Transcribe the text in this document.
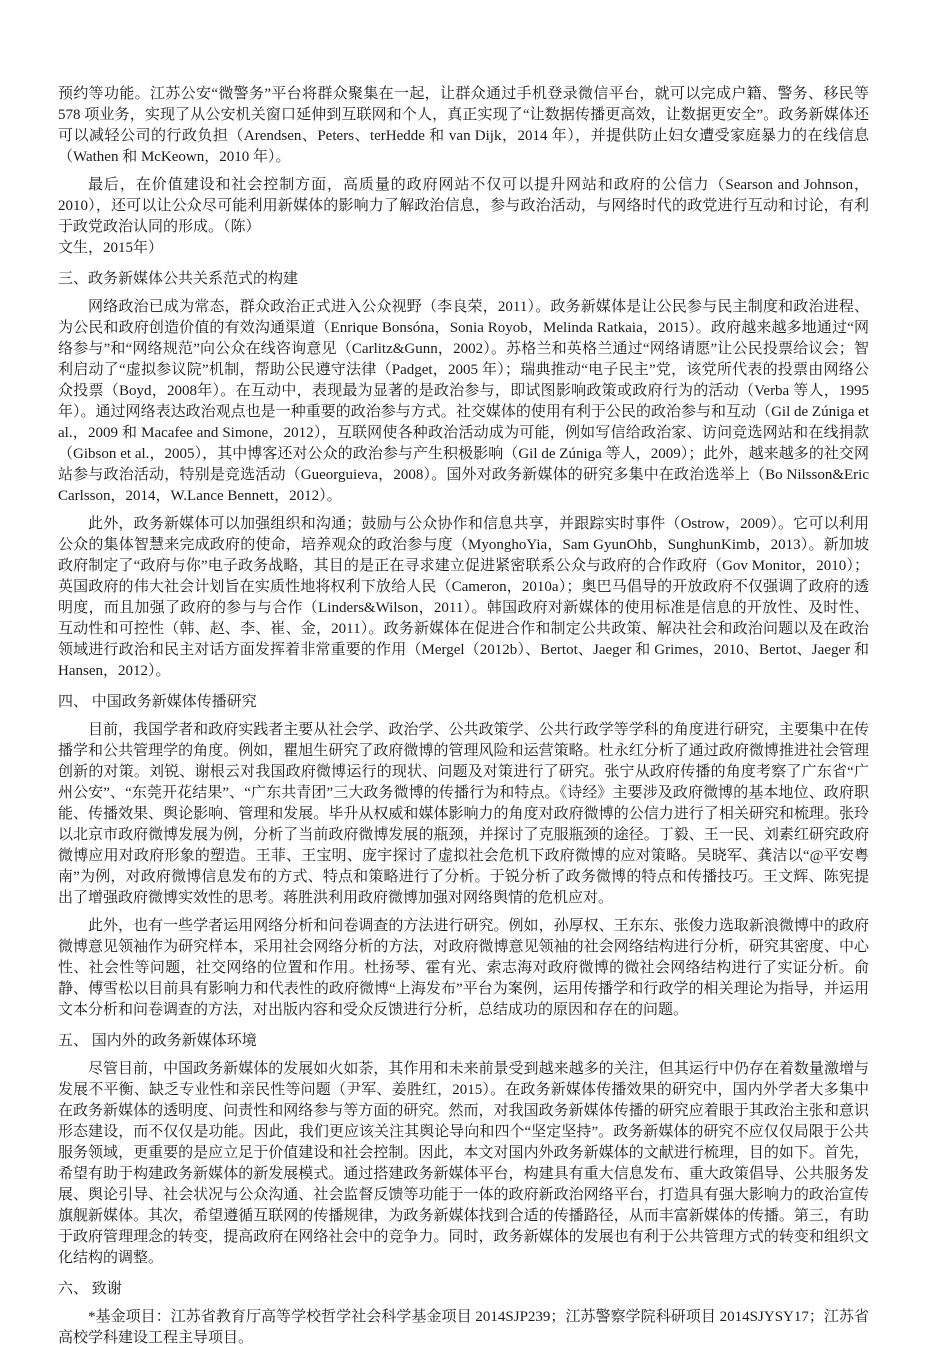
预约等功能。江苏公安“微警务”平台将群众聚集在一起，让群众通过手机登录微信平台，就可以完成户籍、警务、移民等 578 项业务，实现了从公安机关窗口延伸到互联网和个人，真正实现了“让数据传播更高效，让数据更安全”。政务新媒体还可以减轻公司的行政负担（Arendsen、Peters、terHedde 和 van Dijk，2014 年），并提供防止妇女遭受家庭暴力的在线信息（Wathen 和 McKeown，2010 年）。

最后，在价值建设和社会控制方面，高质量的政府网站不仅可以提升网站和政府的公信力（Searson and Johnson，2010），还可以让公众尽可能利用新媒体的影响力了解政治信息，参与政治活动，与网络时代的政党进行互动和讨论，有利于政党政治认同的形成。（陈）

文生，2015年）

三、政务新媒体公共关系范式的构建

网络政治已成为常态，群众政治正式进入公众视野（李良荣，2011）。政务新媒体是让公民参与民主制度和政治进程、为公民和政府创造价值的有效沟通渠道（Enrique Bonsóna，Sonia Royob，Melinda Ratkaia，2015）。政府越来越多地通过“网络参与”和“网络规范”向公众在线咨询意见（Carlitz&Gunn，2002）。苏格兰和英格兰通过“网络请愿”让公民投票给议会；智利启动了“虚拟参议院”机制，帮助公民遵守法律（Padget，2005 年）；瑞典推动“电子民主”党，该党所代表的投票由网络公众投票（Boyd，2008年）。在互动中，表现最为显著的是政治参与，即试图影响政策或政府行为的活动（Verba 等人，1995 年）。通过网络表达政治观点也是一种重要的政治参与方式。社交媒体的使用有利于公民的政治参与和互动（Gil de Zúniga et al.，2009 和 Macafee and Simone，2012），互联网使各种政治活动成为可能，例如写信给政治家、访问竞选网站和在线捐款（Gibson et al.，2005），其中博客还对公众的政治参与产生积极影响（Gil de Zúniga 等人，2009）；此外，越来越多的社交网站参与政治活动，特别是竞选活动（Gueorguieva，2008）。国外对政务新媒体的研究多集中在政治选举上（Bo Nilsson&Eric Carlsson，2014，W.Lance Bennett，2012）。

此外，政务新媒体可以加强组织和沟通；鼓励与公众协作和信息共享，并跟踪实时事件（Ostrow，2009）。它可以利用公众的集体智慧来完成政府的使命，培养观众的政治参与度（MyonghoYia，Sam GyunOhb，SunghunKimb，2013）。新加坡政府制定了“政府与你”电子政务战略，其目的是正在寻求建立促进紧密联系公众与政府的合作政府（Gov Monitor，2010）；英国政府的伟大社会计划旨在实质性地将权利下放给人民（Cameron，2010a）；奥巴马倡导的开放政府不仅强调了政府的透明度，而且加强了政府的参与与合作（Linders&Wilson，2011）。韩国政府对新媒体的使用标准是信息的开放性、及时性、互动性和可控性（韩、赵、李、崔、金，2011）。政务新媒体在促进合作和制定公共政策、解决社会和政治问题以及在政治领域进行政治和民主对话方面发挥着非常重要的作用（Mergel（2012b）、Bertot、Jaeger 和 Grimes，2010、Bertot、Jaeger 和 Hansen，2012）。

四、 中国政务新媒体传播研究

目前，我国学者和政府实践者主要从社会学、政治学、公共政策学、公共行政学等学科的角度进行研究，主要集中在传播学和公共管理学的角度。例如，瞿旭生研究了政府微博的管理风险和运营策略。杜永红分析了通过政府微博推进社会管理创新的对策。刘锐、谢根云对我国政府微博运行的现状、问题及对策进行了研究。张宁从政府传播的角度考察了广东省“广州公安”、“东莞开花结果”、“广东共青团”三大政务微博的传播行为和特点。《诗经》主要涉及政府微博的基本地位、政府职能、传播效果、舆论影响、管理和发展。毕升从权威和媒体影响力的角度对政府微博的公信力进行了相关研究和梳理。张玲以北京市政府微博发展为例，分析了当前政府微博发展的瓶颈，并探讨了克服瓶颈的途径。丁毅、王一民、刘素红研究政府微博应用对政府形象的塑造。王菲、王宝明、庞宇探讨了虚拟社会危机下政府微博的应对策略。吴晓军、龚洁以“@平安粤南”为例，对政府微博信息发布的方式、特点和策略进行了分析。于锐分析了政务微博的特点和传播技巧。王文辉、陈宪提出了增强政府微博实效性的思考。蒋胜洪利用政府微博加强对网络舆情的危机应对。

此外，也有一些学者运用网络分析和问卷调查的方法进行研究。例如，孙厚权、王东东、张俊力选取新浪微博中的政府微博意见领袖作为研究样本，采用社会网络分析的方法，对政府微博意见领袖的社会网络结构进行分析，研究其密度、中心性、社会性等问题，社交网络的位置和作用。杜扬琴、霍有光、索志海对政府微博的微社会网络结构进行了实证分析。俞静、傅雪松以目前具有影响力和代表性的政府微博“上海发布”平台为案例，运用传播学和行政学的相关理论为指导，并运用文本分析和问卷调查的方法，对出版内容和受众反馈进行分析，总结成功的原因和存在的问题。

五、 国内外的政务新媒体环境

尽管目前，中国政务新媒体的发展如火如荼，其作用和未来前景受到越来越多的关注，但其运行中仍存在着数量激增与发展不平衡、缺乏专业性和亲民性等问题（尹军、姜胜红，2015）。在政务新媒体传播效果的研究中，国内外学者大多集中在政务新媒体的透明度、问责性和网络参与等方面的研究。然而，对我国政务新媒体传播的研究应着眼于其政治主张和意识形态建设，而不仅仅是功能。因此，我们更应该关注其舆论导向和四个“坚定坚持”。政务新媒体的研究不应仅仅局限于公共服务领域，更重要的是应立足于价值建设和社会控制。因此，本文对国内外政务新媒体的文献进行梳理，目的如下。首先，希望有助于构建政务新媒体的新发展模式。通过搭建政务新媒体平台，构建具有重大信息发布、重大政策倡导、公共服务发展、舆论引导、社会状况与公众沟通、社会监督反馈等功能于一体的政府新政治网络平台，打造具有强大影响力的政治宣传旗舰新媒体。其次，希望遵循互联网的传播规律，为政务新媒体找到合适的传播路径，从而丰富新媒体的传播。第三，有助于政府管理理念的转变，提高政府在网络社会中的竞争力。同时，政务新媒体的发展也有利于公共管理方式的转变和组织文化结构的调整。

六、 致谢

*基金项目：江苏省教育厅高等学校哲学社会科学基金项目 2014SJP239；江苏警察学院科研项目 2014SJYSY17；江苏省高校学科建设工程主导项目。
